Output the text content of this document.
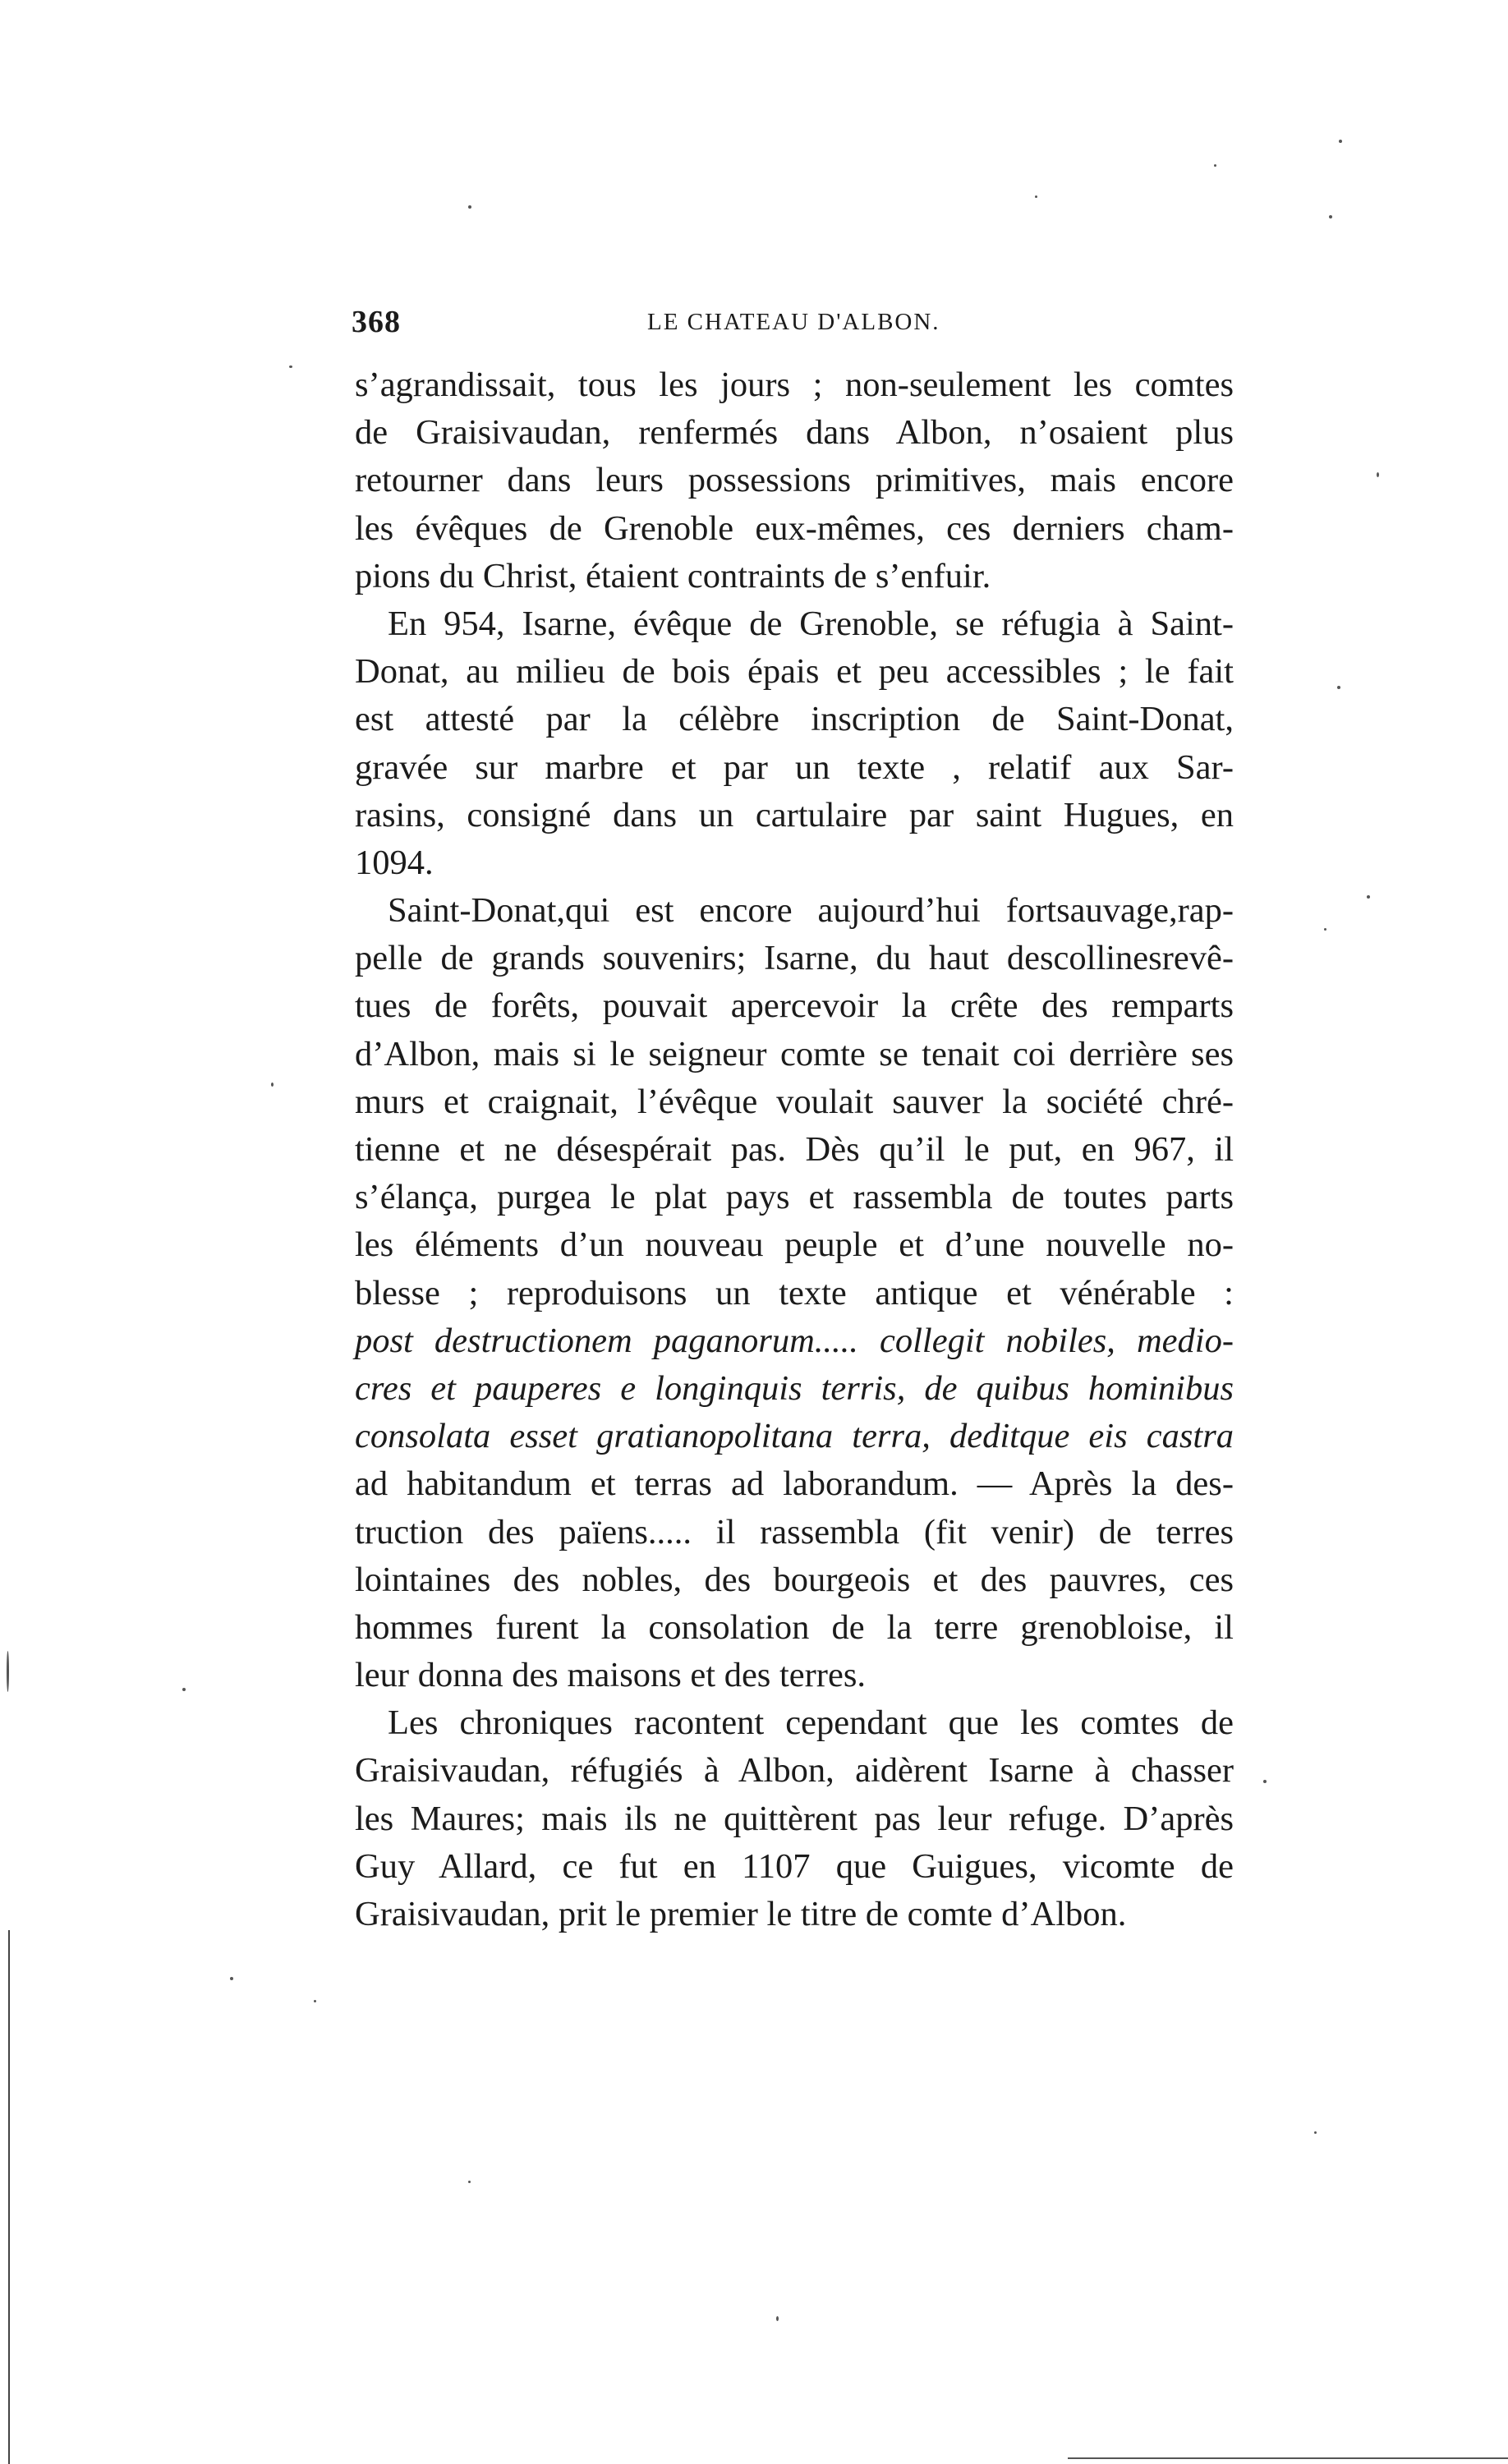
368	LE CHATEAU D'ALBON.
s’agrandissait, tous les jours ; non-seulement les comtes
de Graisivaudan, renfermés dans Albon, n’osaient plus
retourner dans leurs possessions primitives, mais encore
les évêques de Grenoble eux-mêmes, ces derniers cham-
pions du Christ, étaient contraints de s’enfuir.
En 954, Isarne, évêque de Grenoble, se réfugia à Saint-
Donat, au milieu de bois épais et peu accessibles ; le fait
est attesté par la célèbre inscription de Saint-Donat,
gravée sur marbre et par un texte , relatif aux Sar-
rasins, consigné dans un cartulaire par saint Hugues, en
1094.
Saint-Donat,qui est encore aujourd’hui fortsauvage,rap-
pelle de grands souvenirs; Isarne, du haut descollinesrevê-
tues de forêts, pouvait apercevoir la crête des remparts
d’Albon, mais si le seigneur comte se tenait coi derrière ses
murs et craignait, l’évêque voulait sauver la société chré-
tienne et ne désespérait pas. Dès qu’il le put, en 967, il
s’élança, purgea le plat pays et rassembla de toutes parts
les éléments d’un nouveau peuple et d’une nouvelle no-
blesse ; reproduisons un texte antique et vénérable :
post destructionem paganorum..... collegit nobiles, medio-
cres et pauperes e longinquis terris, de quibus hominibus
consolata esset gratianopolitana terra, deditque eis castra
ad habitandum et terras ad laborandum. — Après la des-
truction des païens..... il rassembla (fit venir) de terres
lointaines des nobles, des bourgeois et des pauvres, ces
hommes furent la consolation de la terre grenobloise, il
leur donna des maisons et des terres.
Les chroniques racontent cependant que les comtes de
Graisivaudan, réfugiés à Albon, aidèrent Isarne à chasser
les Maures; mais ils ne quittèrent pas leur refuge. D’après
Guy Allard, ce fut en 1107 que Guigues, vicomte de
Graisivaudan, prit le premier le titre de comte d’Albon.
